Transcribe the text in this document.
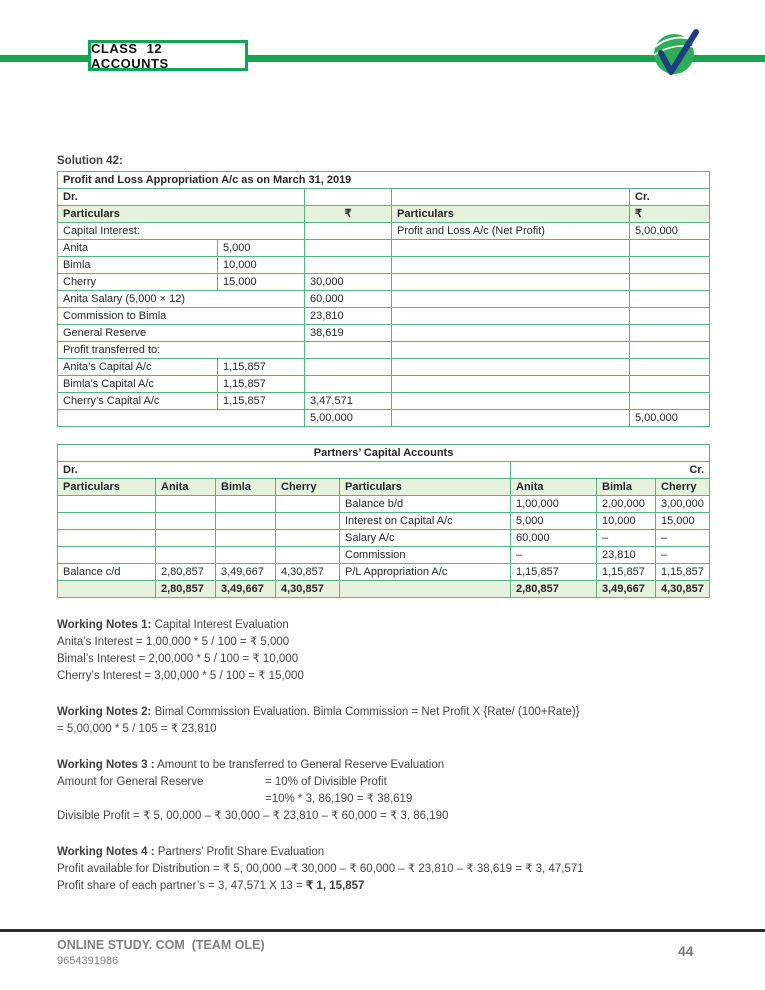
CLASS 12 ACCOUNTS
Solution 42:
Profit and Loss Appropriation A/c as on March 31, 2019				
Dr.				Cr.
Particulars		₹	Particulars	₹
Capital Interest:			Profit and Loss A/c (Net Profit)	5,00,000
Anita	5,000			
Bimla	10,000			
Cherry	15,000	30,000		
Anita Salary (5,000 × 12)		60,000		
Commission to Bimla		23,810		
General Reserve		38,619		
Profit transferred to:				
Anita’s Capital A/c	1,15,857			
Bimla’s Capital A/c	1,15,857			
Cherry’s Capital A/c	1,15,857	3,47,571		
		5,00,000		5,00,000
Partners’ Capital Accounts							
Dr.					Cr.		
Particulars	Anita	Bimla	Cherry	Particulars	Anita	Bimla	Cherry
				Balance b/d	1,00,000	2,00,000	3,00,000
				Interest on Capital A/c	5,000	10,000	15,000
				Salary A/c	60,000	–	–
				Commission	–	23,810	–
Balance c/d	2,80,857	3,49,667	4,30,857	P/L Appropriation A/c	1,15,857	1,15,857	1,15,857
	2,80,857	3,49,667	4,30,857		2,80,857	3,49,667	4,30,857
Working Notes 1: Capital Interest Evaluation
Anita’s Interest = 1,00,000 * 5 / 100 = ₹ 5,000
Bimal’s Interest = 2,00,000 * 5 / 100 = ₹ 10,000
Cherry’s Interest = 3,00,000 * 5 / 100 = ₹ 15,000
Working Notes 2: Bimal Commission Evaluation. Bimla Commission = Net Profit X {Rate/ (100+Rate)}
= 5,00,000 * 5 / 105 = ₹ 23,810
Working Notes 3 : Amount to be transferred to General Reserve Evaluation
Amount for General Reserve	= 10% of Divisible Profit
=10% * 3, 86,190 = ₹ 38,619
Divisible Profit = ₹ 5, 00,000 – ₹ 30,000 – ₹ 23,810 – ₹ 60,000 = ₹ 3, 86,190
Working Notes 4 : Partners’ Profit Share Evaluation
Profit available for Distribution = ₹ 5, 00,000 –₹ 30,000 – ₹ 60,000 – ₹ 23,810 – ₹ 38,619 = ₹ 3, 47,571
Profit share of each partner’s = 3, 47,571 X 13 = ₹ 1, 15,857
ONLINE STUDY. COM  (TEAM OLE)
9654391986
44
